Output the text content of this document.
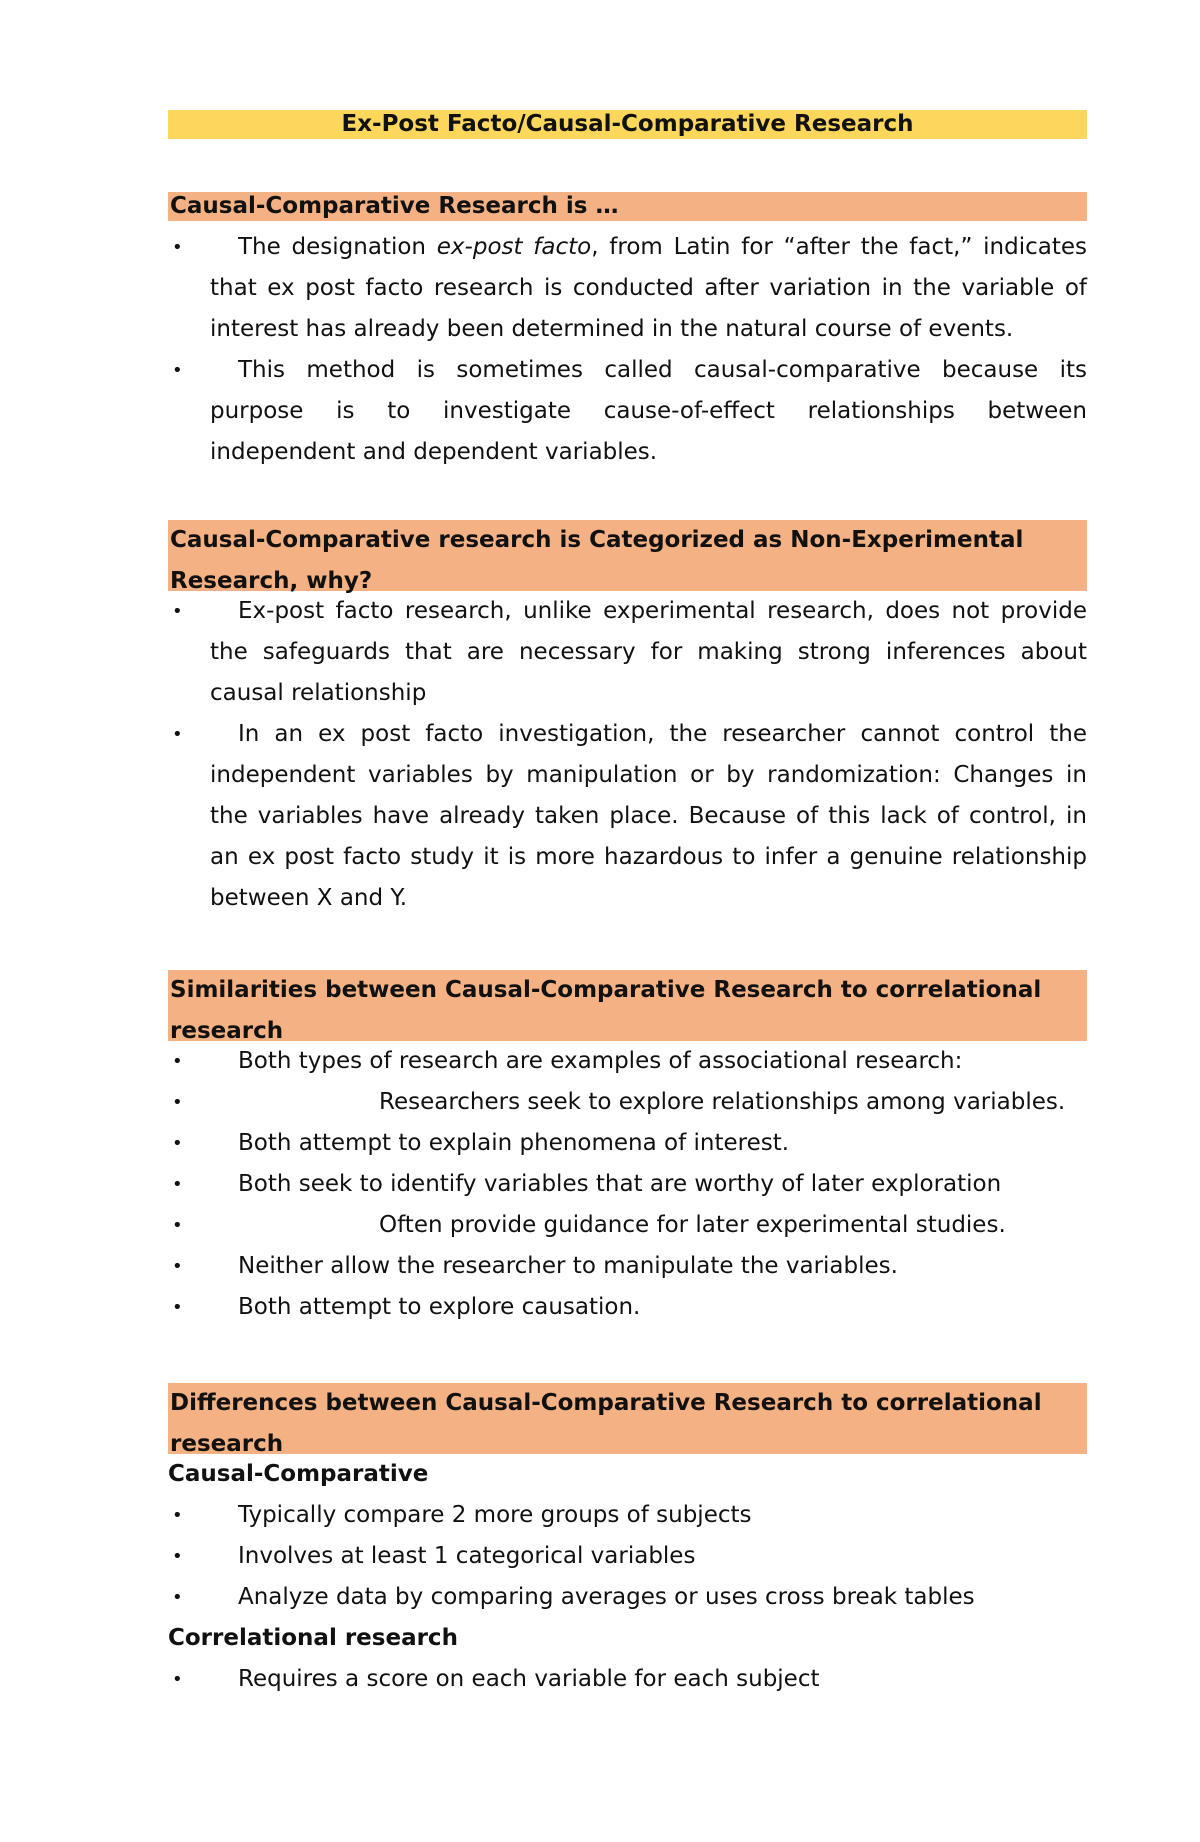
Ex-Post Facto/Causal-Comparative Research
Causal-Comparative Research is …
• The designation ex-post facto, from Latin for “after the fact,” indicates that ex post facto research is conducted after variation in the variable of interest has already been determined in the natural course of events.
• This method is sometimes called causal-comparative because its purpose is to investigate cause-of-effect relationships between independent and dependent variables.
Causal-Comparative research is Categorized as Non-Experimental Research, why?
• Ex-post facto research, unlike experimental research, does not provide the safeguards that are necessary for making strong inferences about causal relationship
• In an ex post facto investigation, the researcher cannot control the independent variables by manipulation or by randomization: Changes in the variables have already taken place. Because of this lack of control, in an ex post facto study it is more hazardous to infer a genuine relationship between X and Y.
Similarities between Causal-Comparative Research to correlational research
• Both types of research are examples of associational research:
•	Researchers seek to explore relationships among variables.
• Both attempt to explain phenomena of interest.
• Both seek to identify variables that are worthy of later exploration
•	Often provide guidance for later experimental studies.
• Neither allow the researcher to manipulate the variables.
• Both attempt to explore causation.
Differences between Causal-Comparative Research to correlational research
Causal-Comparative
• Typically compare 2 more groups of subjects
• Involves at least 1 categorical variables
• Analyze data by comparing averages or uses cross break tables
Correlational research
• Requires a score on each variable for each subject
